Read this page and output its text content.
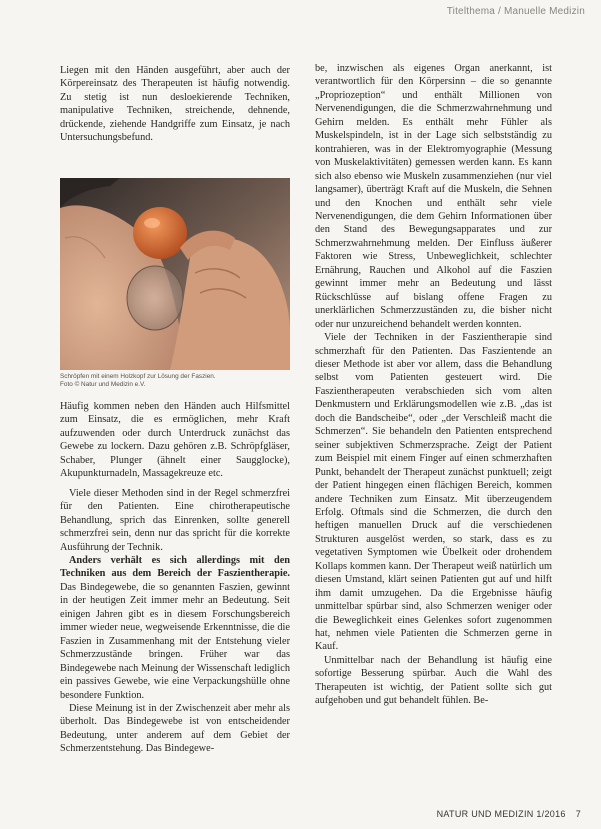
Titelthema / Manuelle Medizin

Liegen mit den Händen ausgeführt, aber auch der Körpereinsatz des Therapeuten ist häufig notwendig. Zu stetig ist nun desloekierende Techniken, manipulative Techniken, streichende, dehnende, drückende, ziehende Handgriffe zum Einsatz, je nach Untersuchungsbefund.

Schröpfen mit einem Holzkopf zur Lösung der Faszien.
Foto © Natur und Medizin e.V.

Häufig kommen neben den Händen auch Hilfsmittel zum Einsatz, die es ermöglichen, mehr Kraft aufzuwenden oder durch Unterdruck zunächst das Gewebe zu lockern. Dazu gehören z.B. Schröpfgläser, Schaber, Plunger (ähnelt einer Saugglocke), Akupunkturnadeln, Massagekreuze etc.

Viele dieser Methoden sind in der Regel schmerzfrei für den Patienten. Eine chirotherapeutische Behandlung, sprich das Einrenken, sollte generell schmerzfrei sein, denn nur das spricht für die korrekte Ausführung der Technik.

Anders verhält es sich allerdings mit den Techniken aus dem Bereich der Faszientherapie. Das Bindegewebe, die so genannten Faszien, gewinnt in der heutigen Zeit immer mehr an Bedeutung. Seit einigen Jahren gibt es in diesem Forschungsbereich immer wieder neue, wegweisende Erkenntnisse, die die Faszien in Zusammenhang mit der Entstehung vieler Schmerzzustände bringen. Früher war das Bindegewebe nach Meinung der Wissenschaft lediglich ein passives Gewebe, wie eine Verpackungshülle ohne besondere Funktion.

Diese Meinung ist in der Zwischenzeit aber mehr als überholt. Das Bindegewebe ist von entscheidender Bedeutung, unter anderem auf dem Gebiet der Schmerzentstehung. Das Bindegewe-

be, inzwischen als eigenes Organ anerkannt, ist verantwortlich für den Körpersinn – die so genannte „Propriozeption“ und enthält Millionen von Nervenendigungen, die die Schmerzwahrnehmung und Gehirn melden. Es enthält mehr Fühler als Muskelspindeln, ist in der Lage sich selbstständig zu kontrahieren, was in der Elektromyographie (Messung von Muskelaktivitäten) gemessen werden kann. Es kann sich also ebenso wie Muskeln zusammenziehen (nur viel langsamer), überträgt Kraft auf die Muskeln, die Sehnen und den Knochen und enthält sehr viele Nervenendigungen, die dem Gehirn Informationen über den Stand des Bewegungsapparates und zur Schmerzwahrnehmung melden. Der Einfluss äußerer Faktoren wie Stress, Unbeweglichkeit, schlechter Ernährung, Rauchen und Alkohol auf die Faszien gewinnt immer mehr an Bedeutung und lässt Rückschlüsse auf bislang offene Fragen zu unerklärlichen Schmerzzuständen zu, die bisher nicht oder nur unzureichend behandelt werden konnten.

Viele der Techniken in der Faszientherapie sind schmerzhaft für den Patienten. Das Faszientende an dieser Methode ist aber vor allem, dass die Behandlung selbst vom Patienten gesteuert wird. Die Faszientherapeuten verabschieden sich vom alten Denkmustern und Erklärungsmodellen wie z.B. „das ist doch die Bandscheibe“, oder „der Verschleiß macht die Schmerzen“. Sie behandeln den Patienten entsprechend seiner subjektiven Schmerzsprache. Zeigt der Patient zum Beispiel mit einem Finger auf einen schmerzhaften Punkt, behandelt der Therapeut zunächst punktuell; zeigt der Patient hingegen einen flächigen Bereich, kommen andere Techniken zum Einsatz. Mit überzeugendem Erfolg. Oftmals sind die Schmerzen, die durch den heftigen manuellen Druck auf die verschiedenen Strukturen ausgelöst werden, so stark, dass es zu vegetativen Symptomen wie Übelkeit oder drohendem Kollaps kommen kann. Der Therapeut weiß natürlich um diesen Umstand, klärt seinen Patienten gut auf und hilft ihm damit umzugehen. Da die Ergebnisse häufig unmittelbar spürbar sind, also Schmerzen weniger oder die Beweglichkeit eines Gelenkes sofort zugenommen hat, nehmen viele Patienten die Schmerzen gerne in Kauf.

Unmittelbar nach der Behandlung ist häufig eine sofortige Besserung spürbar. Auch die Wahl des Therapeuten ist wichtig, der Patient sollte sich gut aufgehoben und gut behandelt fühlen. Be-

NATUR UND MEDIZIN 1/2016 7
